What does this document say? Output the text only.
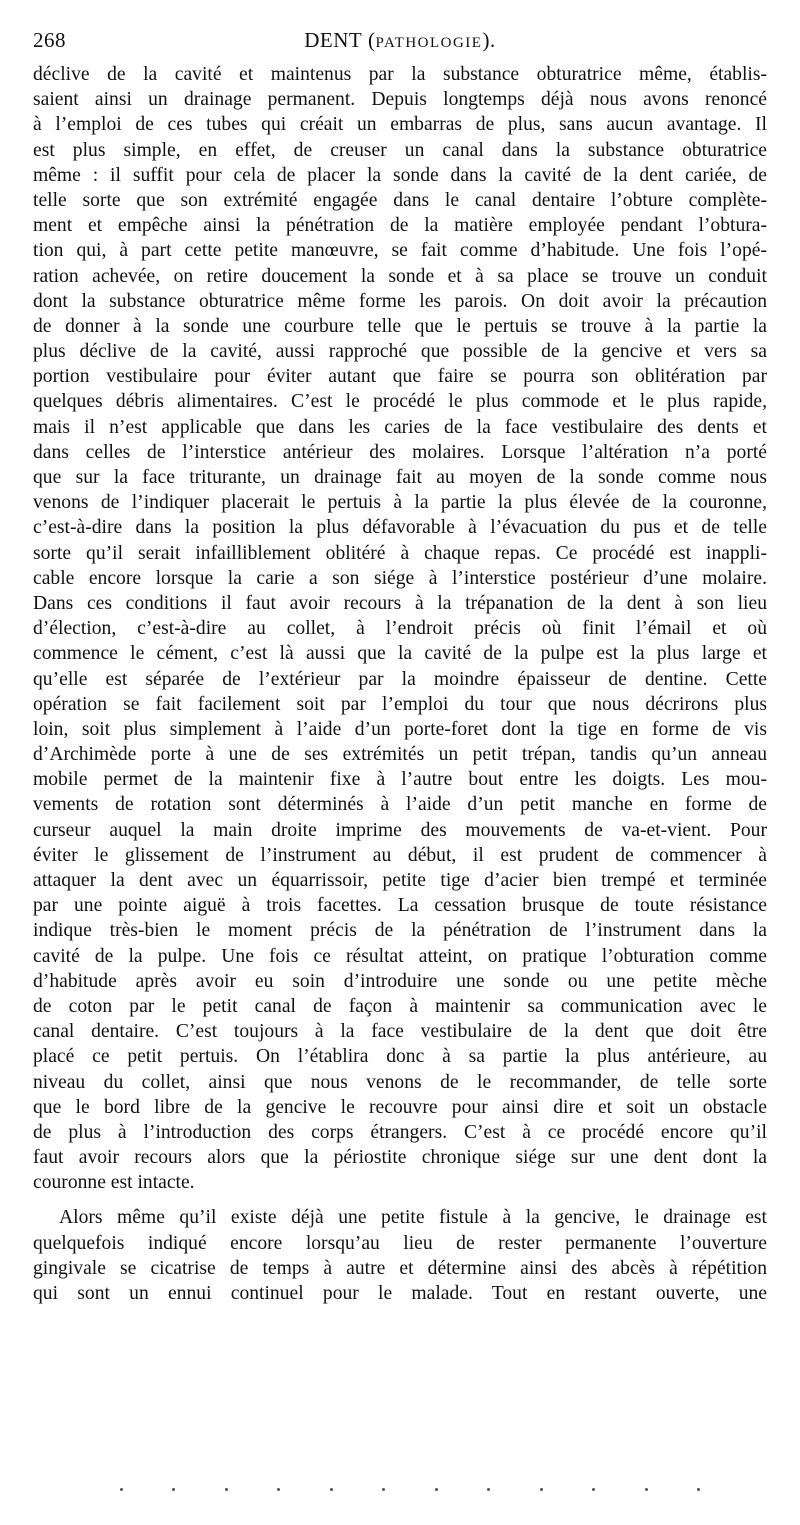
268	DENT (PATHOLOGIE).
déclive de la cavité et maintenus par la substance obturatrice même, établis-
saient ainsi un drainage permanent. Depuis longtemps déjà nous avons renoncé
à l’emploi de ces tubes qui créait un embarras de plus, sans aucun avantage. Il
est plus simple, en effet, de creuser un canal dans la substance obturatrice
même : il suffit pour cela de placer la sonde dans la cavité de la dent cariée, de
telle sorte que son extrémité engagée dans le canal dentaire l’obture complète-
ment et empêche ainsi la pénétration de la matière employée pendant l’obtura-
tion qui, à part cette petite manœuvre, se fait comme d’habitude. Une fois l’opé-
ration achevée, on retire doucement la sonde et à sa place se trouve un conduit
dont la substance obturatrice même forme les parois. On doit avoir la précaution
de donner à la sonde une courbure telle que le pertuis se trouve à la partie la
plus déclive de la cavité, aussi rapproché que possible de la gencive et vers sa
portion vestibulaire pour éviter autant que faire se pourra son oblitération par
quelques débris alimentaires. C’est le procédé le plus commode et le plus rapide,
mais il n’est applicable que dans les caries de la face vestibulaire des dents et
dans celles de l’interstice antérieur des molaires. Lorsque l’altération n’a porté
que sur la face triturante, un drainage fait au moyen de la sonde comme nous
venons de l’indiquer placerait le pertuis à la partie la plus élevée de la couronne,
c’est-à-dire dans la position la plus défavorable à l’évacuation du pus et de telle
sorte qu’il serait infailliblement oblitéré à chaque repas. Ce procédé est inappli-
cable encore lorsque la carie a son siége à l’interstice postérieur d’une molaire.
Dans ces conditions il faut avoir recours à la trépanation de la dent à son lieu
d’élection, c’est-à-dire au collet, à l’endroit précis où finit l’émail et où
commence le cément, c’est là aussi que la cavité de la pulpe est la plus large et
qu’elle est séparée de l’extérieur par la moindre épaisseur de dentine. Cette
opération se fait facilement soit par l’emploi du tour que nous décrirons plus
loin, soit plus simplement à l’aide d’un porte-foret dont la tige en forme de vis
d’Archimède porte à une de ses extrémités un petit trépan, tandis qu’un anneau
mobile permet de la maintenir fixe à l’autre bout entre les doigts. Les mou-
vements de rotation sont déterminés à l’aide d’un petit manche en forme de
curseur auquel la main droite imprime des mouvements de va-et-vient. Pour
éviter le glissement de l’instrument au début, il est prudent de commencer à
attaquer la dent avec un équarrissoir, petite tige d’acier bien trempé et terminée
par une pointe aiguë à trois facettes. La cessation brusque de toute résistance
indique très-bien le moment précis de la pénétration de l’instrument dans la
cavité de la pulpe. Une fois ce résultat atteint, on pratique l’obturation comme
d’habitude après avoir eu soin d’introduire une sonde ou une petite mèche
de coton par le petit canal de façon à maintenir sa communication avec le
canal dentaire. C’est toujours à la face vestibulaire de la dent que doit être
placé ce petit pertuis. On l’établira donc à sa partie la plus antérieure, au
niveau du collet, ainsi que nous venons de le recommander, de telle sorte
que le bord libre de la gencive le recouvre pour ainsi dire et soit un obstacle
de plus à l’introduction des corps étrangers. C’est à ce procédé encore qu’il
faut avoir recours alors que la périostite chronique siége sur une dent dont la
couronne est intacte.
Alors même qu’il existe déjà une petite fistule à la gencive, le drainage est
quelquefois indiqué encore lorsqu’au lieu de rester permanente l’ouverture
gingivale se cicatrise de temps à autre et détermine ainsi des abcès à répétition
qui sont un ennui continuel pour le malade. Tout en restant ouverte, une
